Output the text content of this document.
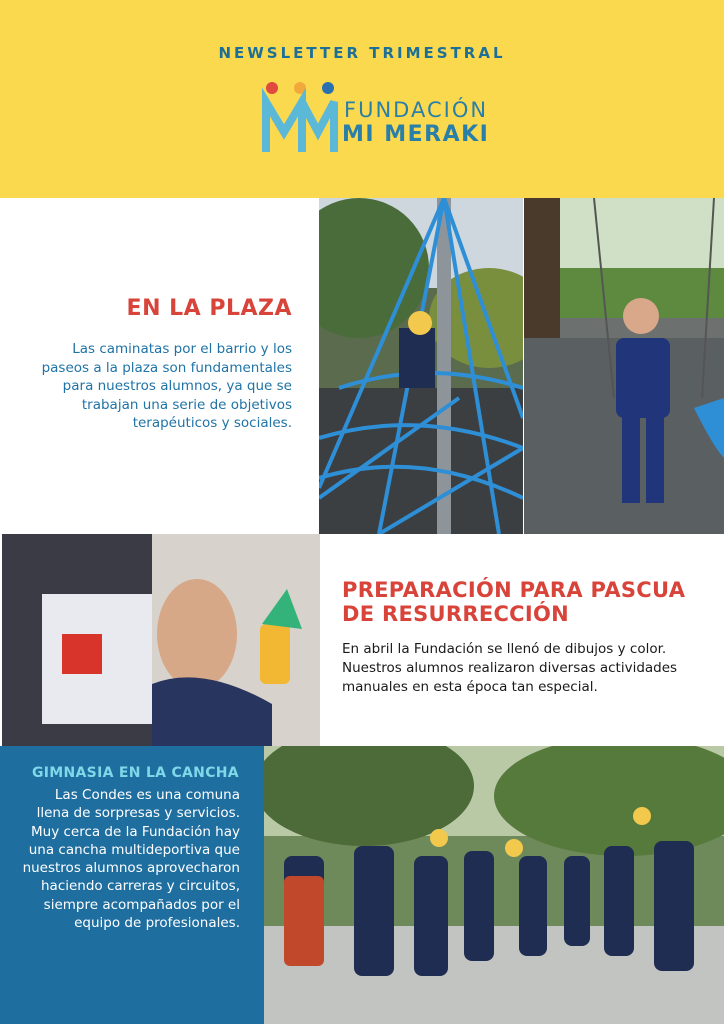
NEWSLETTER TRIMESTRAL
FUNDACIÓN
MI MERAKI
EN LA PLAZA
Las caminatas por el barrio y los paseos a la plaza son fundamentales para nuestros alumnos, ya que se trabajan una serie de objetivos terapéuticos y sociales.
PREPARACIÓN PARA PASCUA DE RESURRECCIÓN
En abril la Fundación se llenó de dibujos y color. Nuestros alumnos realizaron diversas actividades manuales en esta época tan especial.
GIMNASIA EN LA CANCHA
Las Condes es una comuna llena de sorpresas y servicios. Muy cerca de la Fundación hay una cancha multideportiva que nuestros alumnos aprovecharon haciendo carreras y circuitos, siempre acompañados por el equipo de profesionales.
